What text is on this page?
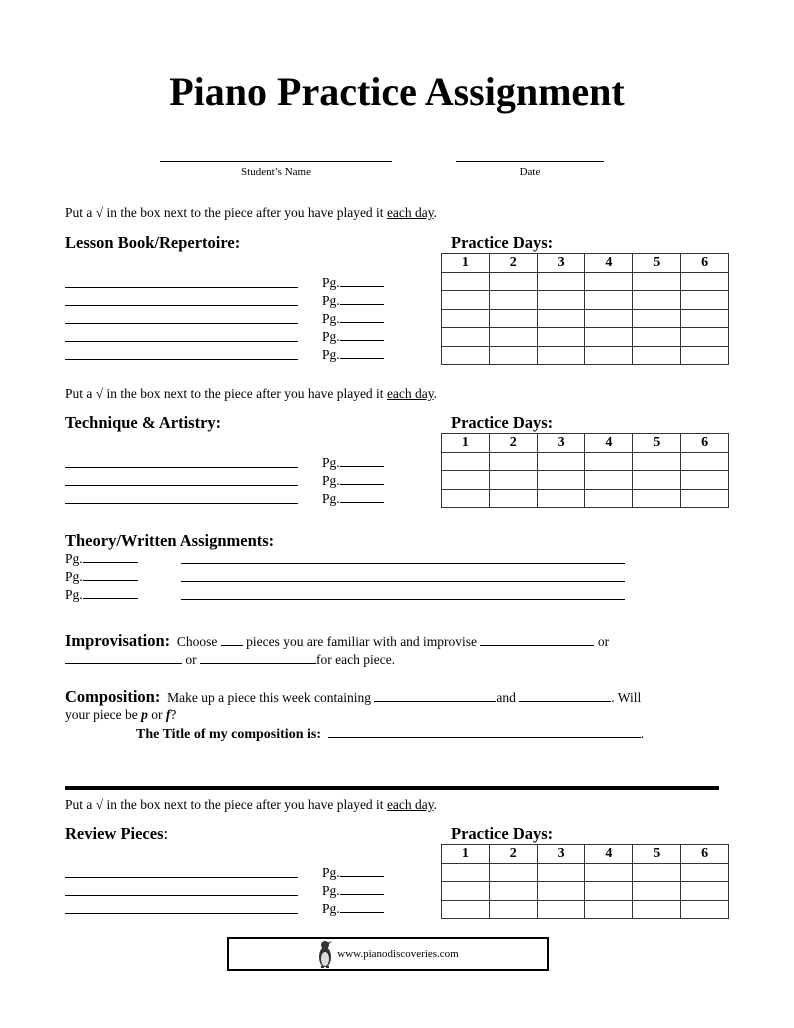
Piano Practice Assignment
Student’s Name	Date
Put a √ in the box next to the piece after you have played it each day.
Lesson Book/Repertoire:	Practice Days:
1	2	3	4	5	6

Pg.
Pg.
Pg.
Pg.
Pg.
Put a √ in the box next to the piece after you have played it each day.
Technique & Artistry:	Practice Days:
1	2	3	4	5	6

Pg.
Pg.
Pg.
Theory/Written Assignments:
Pg.
Pg.
Pg.
Improvisation: Choose pieces you are familiar with and improvise	or
or	for each piece.
Composition: Make up a piece this week containing	and	. Will
your piece be p or f?
The Title of my composition is:	.
Put a √ in the box next to the piece after you have played it each day.
Review Pieces:	Practice Days:
1	2	3	4	5	6

Pg.
Pg.
Pg.
www.pianodiscoveries.com
